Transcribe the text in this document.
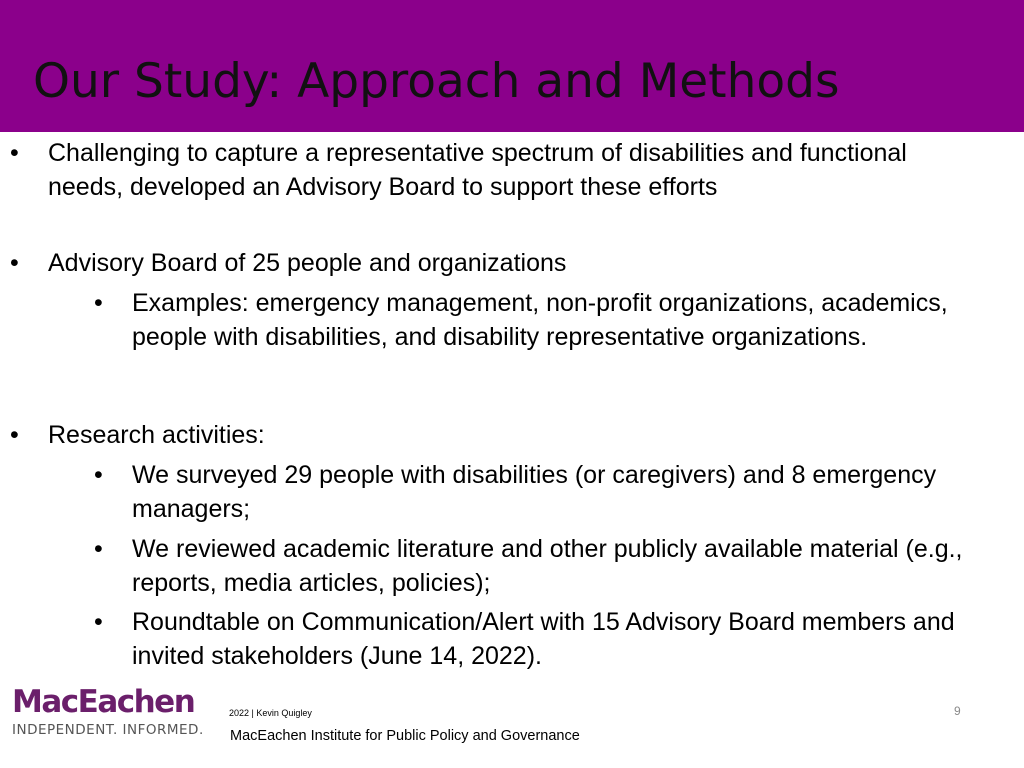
Our Study: Approach and Methods
• Challenging to capture a representative spectrum of disabilities and functional needs, developed an Advisory Board to support these efforts
• Advisory Board of 25 people and organizations
• Examples: emergency management, non-profit organizations, academics, people with disabilities, and disability representative organizations.
• Research activities:
• We surveyed 29 people with disabilities (or caregivers) and 8 emergency managers;
• We reviewed academic literature and other publicly available material (e.g., reports, media articles, policies);
• Roundtable on Communication/Alert with 15 Advisory Board members and invited stakeholders (June 14, 2022).
MacEachen
INDEPENDENT. INFORMED.
2022 | Kevin Quigley
MacEachen Institute for Public Policy and Governance
9
